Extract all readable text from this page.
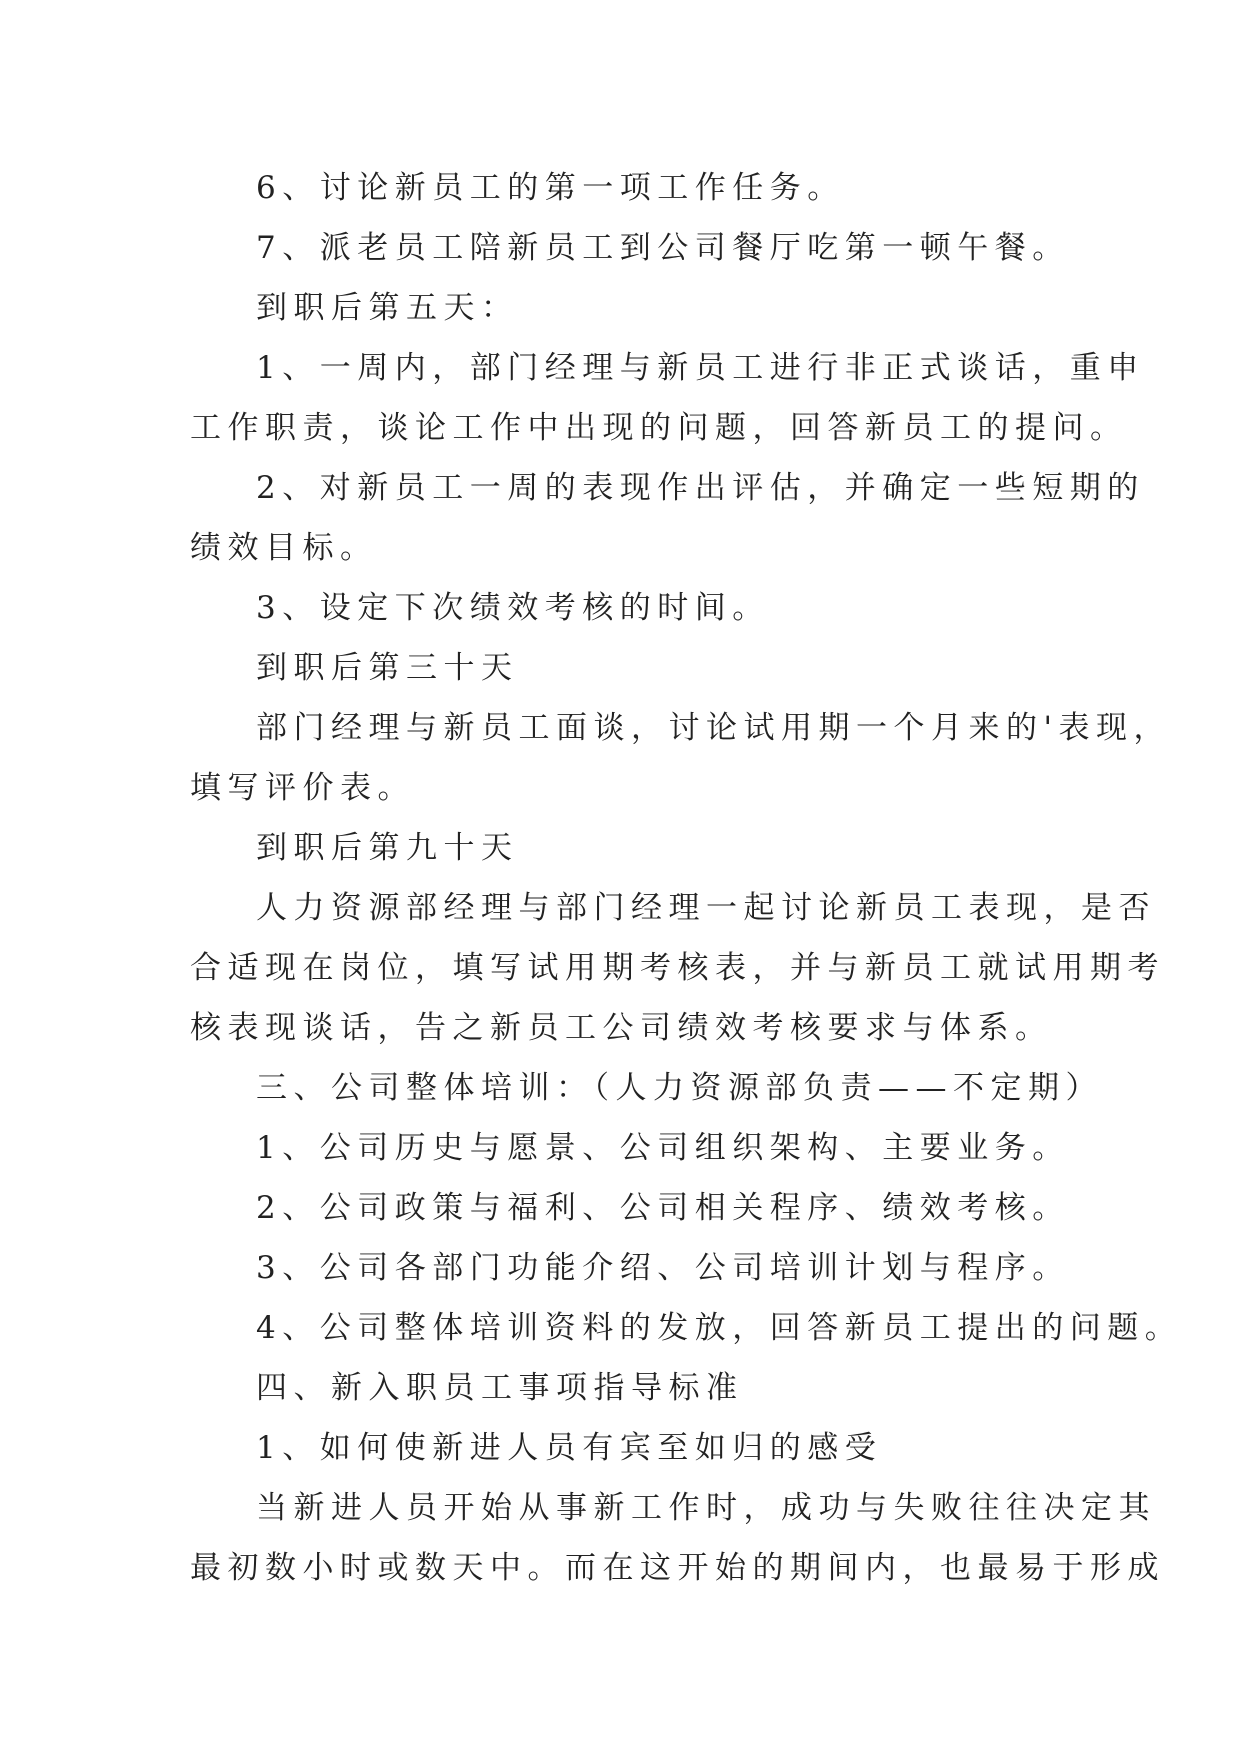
6、讨论新员工的第一项工作任务。

7、派老员工陪新员工到公司餐厅吃第一顿午餐。

到职后第五天：

1、一周内，部门经理与新员工进行非正式谈话，重申

工作职责，谈论工作中出现的问题，回答新员工的提问。

2、对新员工一周的表现作出评估，并确定一些短期的

绩效目标。

3、设定下次绩效考核的时间。

到职后第三十天

部门经理与新员工面谈，讨论试用期一个月来的'表现，

填写评价表。

到职后第九十天

人力资源部经理与部门经理一起讨论新员工表现，是否

合适现在岗位，填写试用期考核表，并与新员工就试用期考

核表现谈话，告之新员工公司绩效考核要求与体系。

三、公司整体培训：（人力资源部负责——不定期）

1、公司历史与愿景、公司组织架构、主要业务。

2、公司政策与福利、公司相关程序、绩效考核。

3、公司各部门功能介绍、公司培训计划与程序。

4、公司整体培训资料的发放，回答新员工提出的问题。

四、新入职员工事项指导标准

1、如何使新进人员有宾至如归的感受

当新进人员开始从事新工作时，成功与失败往往决定其

最初数小时或数天中。而在这开始的期间内，也最易于形成
